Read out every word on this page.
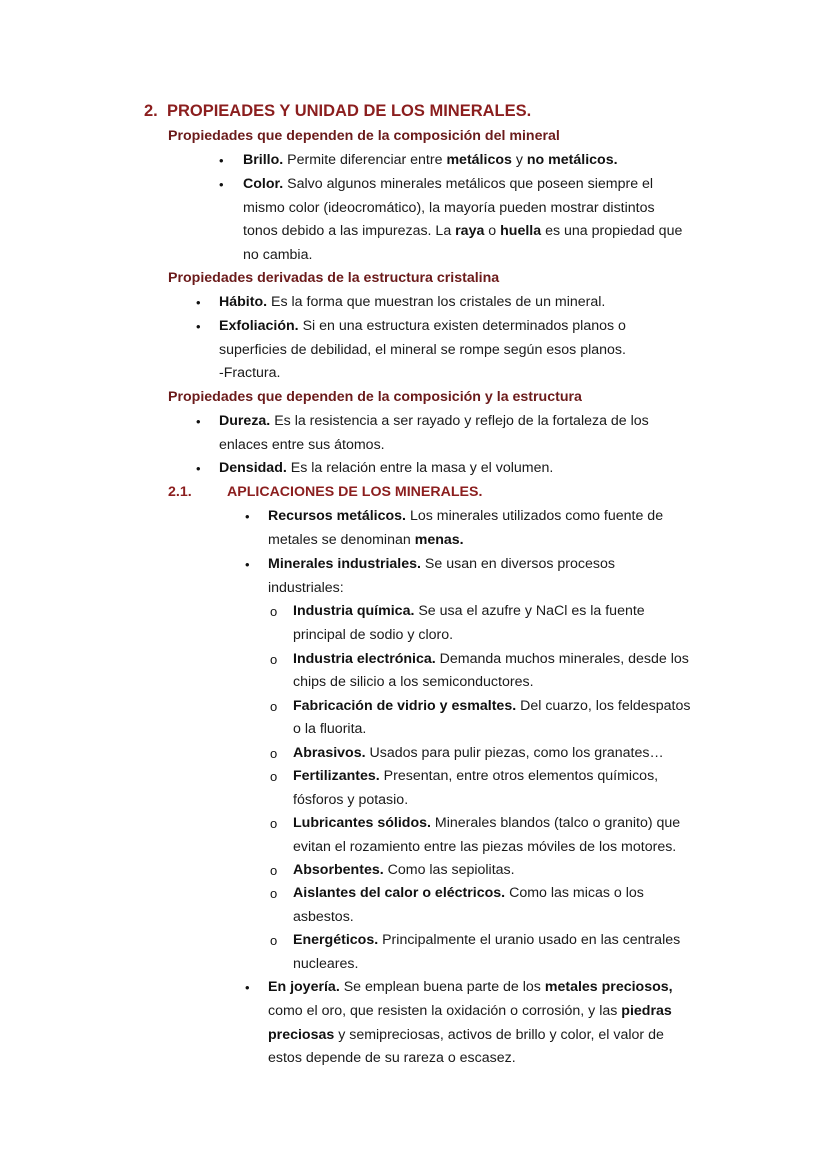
2. PROPIEADES Y UNIDAD DE LOS MINERALES.
Propiedades que dependen de la composición del mineral
• Brillo. Permite diferenciar entre metálicos y no metálicos.
• Color. Salvo algunos minerales metálicos que poseen siempre el
mismo color (ideocromático), la mayoría pueden mostrar distintos
tonos debido a las impurezas. La raya o huella es una propiedad que
no cambia.
Propiedades derivadas de la estructura cristalina
• Hábito. Es la forma que muestran los cristales de un mineral.
• Exfoliación. Si en una estructura existen determinados planos o
superficies de debilidad, el mineral se rompe según esos planos.
-Fractura.
Propiedades que dependen de la composición y la estructura
• Dureza. Es la resistencia a ser rayado y reflejo de la fortaleza de los
enlaces entre sus átomos.
• Densidad. Es la relación entre la masa y el volumen.
2.1. APLICACIONES DE LOS MINERALES.
• Recursos metálicos. Los minerales utilizados como fuente de
metales se denominan menas.
• Minerales industriales. Se usan en diversos procesos
industriales:
o Industria química. Se usa el azufre y NaCl es la fuente
principal de sodio y cloro.
o Industria electrónica. Demanda muchos minerales, desde los
chips de silicio a los semiconductores.
o Fabricación de vidrio y esmaltes. Del cuarzo, los feldespatos
o la fluorita.
o Abrasivos. Usados para pulir piezas, como los granates…
o Fertilizantes. Presentan, entre otros elementos químicos,
fósforos y potasio.
o Lubricantes sólidos. Minerales blandos (talco o granito) que
evitan el rozamiento entre las piezas móviles de los motores.
o Absorbentes. Como las sepiolitas.
o Aislantes del calor o eléctricos. Como las micas o los
asbestos.
o Energéticos. Principalmente el uranio usado en las centrales
nucleares.
• En joyería. Se emplean buena parte de los metales preciosos,
como el oro, que resisten la oxidación o corrosión, y las piedras
preciosas y semipreciosas, activos de brillo y color, el valor de
estos depende de su rareza o escasez.
